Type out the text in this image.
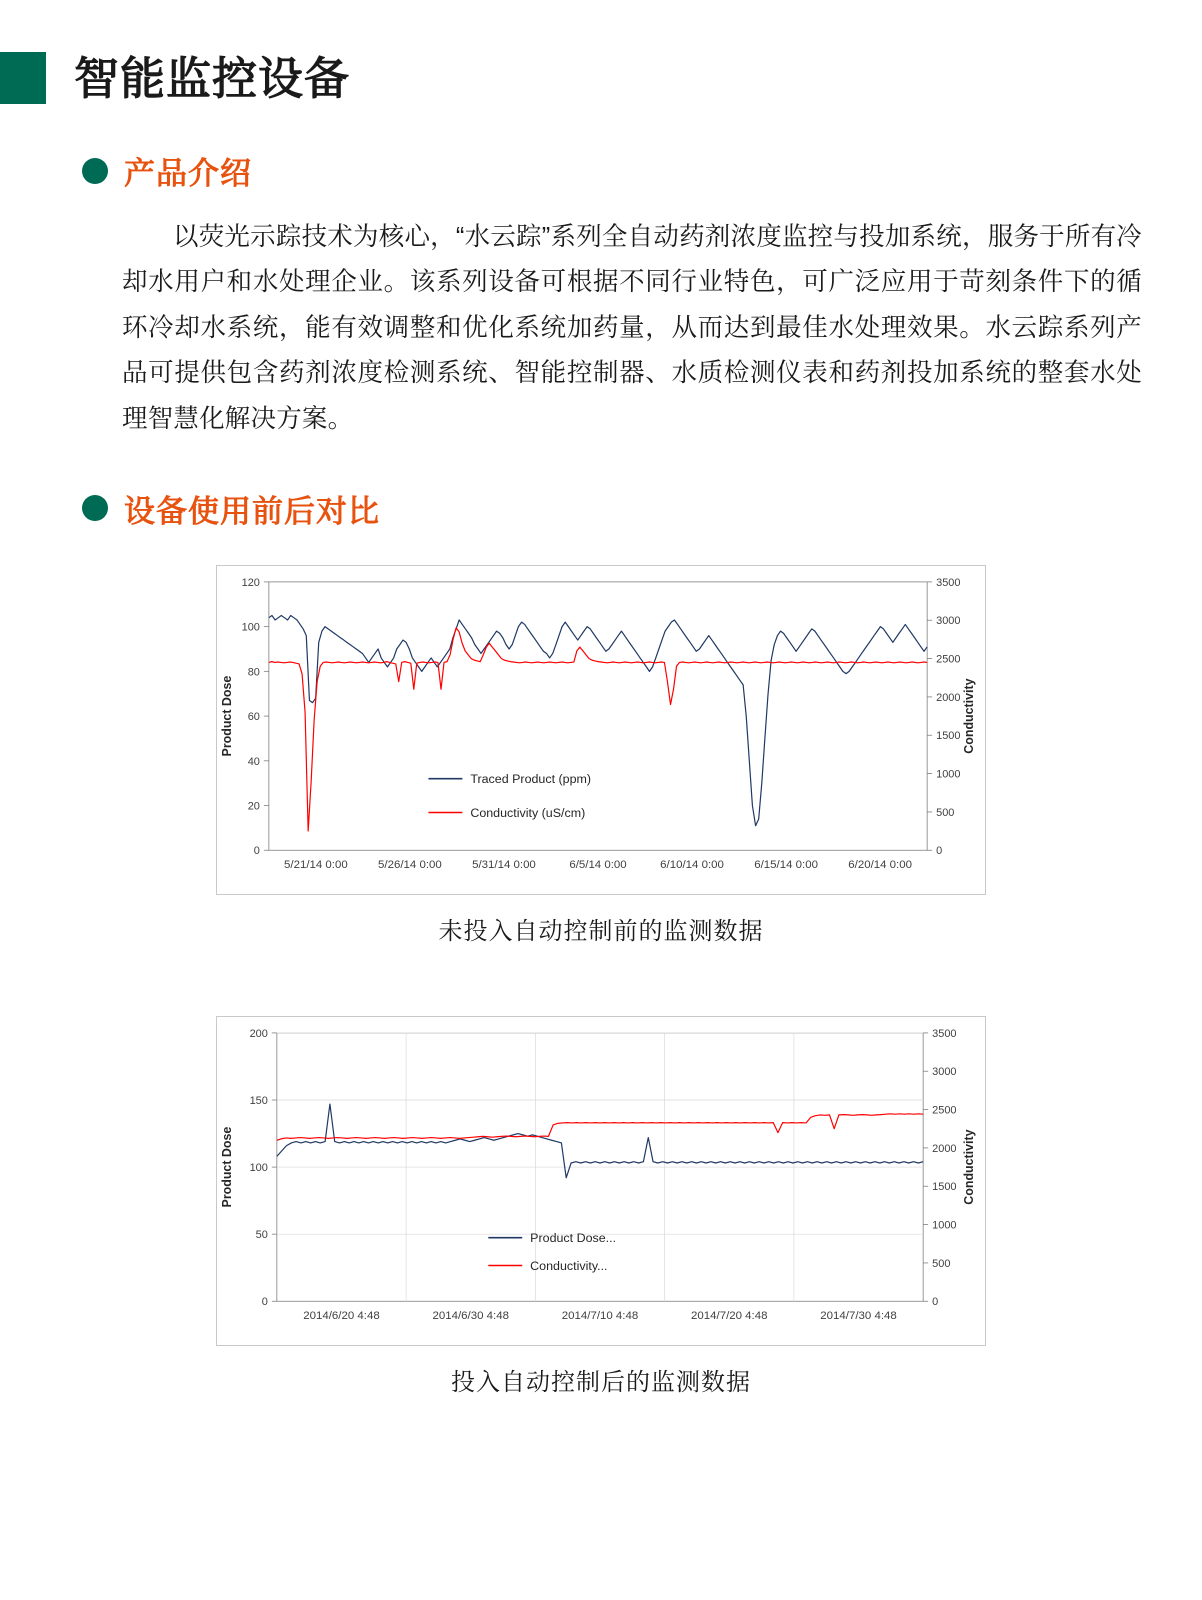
智能监控设备
产品介绍

以荧光示踪技术为核心，“水云踪”系列全自动药剂浓度监控与投加系统，服务于所有冷却水用户和水处理企业。该系列设备可根据不同行业特色，可广泛应用于苛刻条件下的循环冷却水系统，能有效调整和优化系统加药量，从而达到最佳水处理效果。水云踪系列产品可提供包含药剂浓度检测系统、智能控制器、水质检测仪表和药剂投加系统的整套水处理智慧化解决方案。

设备使用前后对比
0
20
40
60
80
100
120
0
500
1000
1500
2000
2500
3000
3500
5/21/14 0:00	5/26/14 0:00	5/31/14 0:00	6/5/14 0:00	6/10/14 0:00	6/15/14 0:00	6/20/14 0:00
Product Dose	Conductivity
Traced Product (ppm)
Conductivity (uS/cm)
未投入自动控制前的监测数据
0
50
100
150
200
0
500
1000
1500
2000
2500
3000
3500
2014/6/20 4:48	2014/6/30 4:48	2014/7/10 4:48	2014/7/20 4:48	2014/7/30 4:48
Product Dose	Conductivity
Product Dose...
Conductivity...
投入自动控制后的监测数据
